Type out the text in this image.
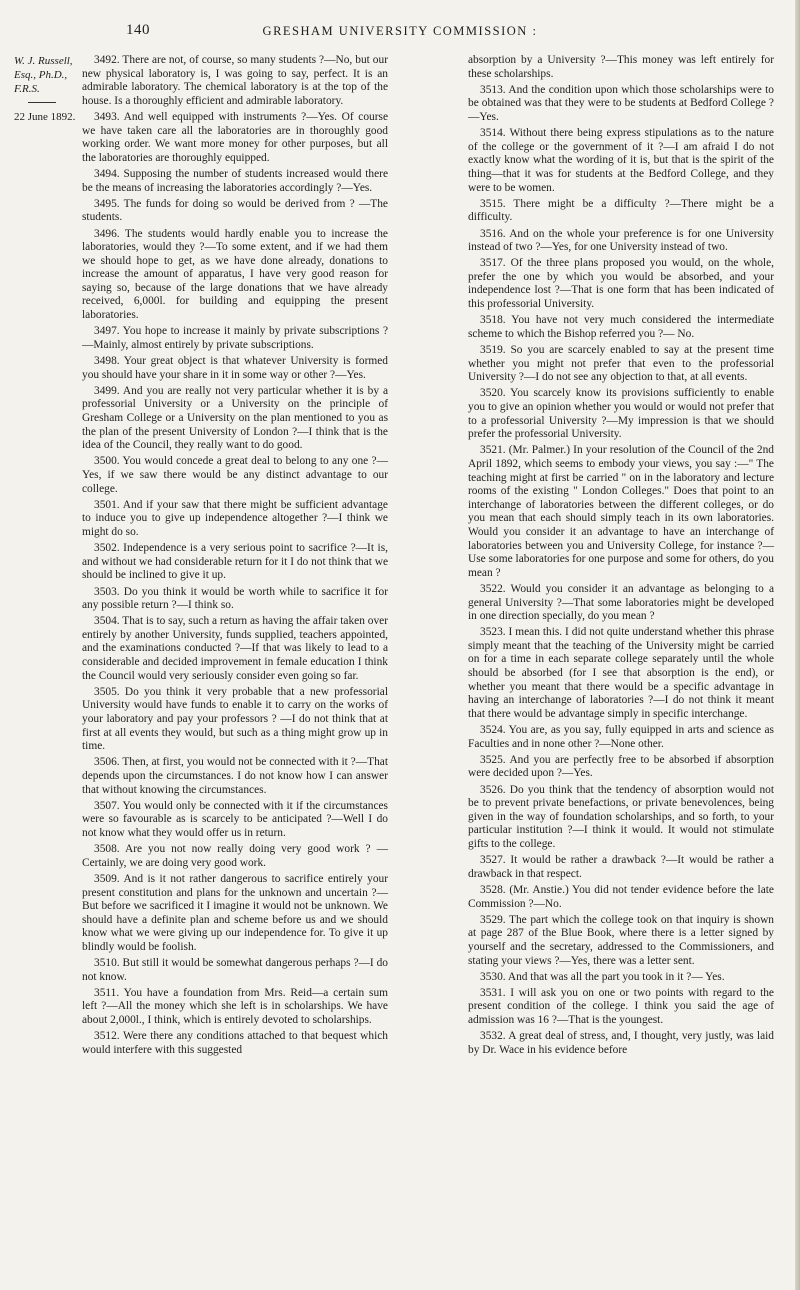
140	GRESHAM UNIVERSITY COMMISSION :
W. J. Russell, Esq., Ph.D., F.R.S.
22 June 1892.

3492. There are not, of course, so many students ?—No, but our new physical laboratory is, I was going to say, perfect. It is an admirable laboratory. The chemical laboratory is at the top of the house. Is a thoroughly efficient and admirable laboratory.

3493. And well equipped with instruments ?—Yes. Of course we have taken care all the laboratories are in thoroughly good working order. We want more money for other purposes, but all the laboratories are thoroughly equipped.

3494. Supposing the number of students increased would there be the means of increasing the laboratories accordingly ?—Yes.

3495. The funds for doing so would be derived from ? —The students.

3496. The students would hardly enable you to increase the laboratories, would they ?—To some extent, and if we had them we should hope to get, as we have done already, donations to increase the amount of apparatus, I have very good reason for saying so, because of the large donations that we have already received, 6,000l. for building and equipping the present laboratories.

3497. You hope to increase it mainly by private subscriptions ?—Mainly, almost entirely by private subscriptions.

3498. Your great object is that whatever University is formed you should have your share in it in some way or other ?—Yes.

3499. And you are really not very particular whether it is by a professorial University or a University on the principle of Gresham College or a University on the plan mentioned to you as the plan of the present University of London ?—I think that is the idea of the Council, they really want to do good.

3500. You would concede a great deal to belong to any one ?—Yes, if we saw there would be any distinct advantage to our college.

3501. And if your saw that there might be sufficient advantage to induce you to give up independence altogether ?—I think we might do so.

3502. Independence is a very serious point to sacrifice ?—It is, and without we had considerable return for it I do not think that we should be inclined to give it up.

3503. Do you think it would be worth while to sacrifice it for any possible return ?—I think so.

3504. That is to say, such a return as having the affair taken over entirely by another University, funds supplied, teachers appointed, and the examinations conducted ?—If that was likely to lead to a considerable and decided improvement in female education I think the Council would very seriously consider even going so far.

3505. Do you think it very probable that a new professorial University would have funds to enable it to carry on the works of your laboratory and pay your professors ? —I do not think that at first at all events they would, but such as a thing might grow up in time.

3506. Then, at first, you would not be connected with it ?—That depends upon the circumstances. I do not know how I can answer that without knowing the circumstances.

3507. You would only be connected with it if the circumstances were so favourable as is scarcely to be anticipated ?—Well I do not know what they would offer us in return.

3508. Are you not now really doing very good work ? —Certainly, we are doing very good work.

3509. And is it not rather dangerous to sacrifice entirely your present constitution and plans for the unknown and uncertain ?—But before we sacrificed it I imagine it would not be unknown. We should have a definite plan and scheme before us and we should know what we were giving up our independence for. To give it up blindly would be foolish.

3510. But still it would be somewhat dangerous perhaps ?—I do not know.

3511. You have a foundation from Mrs. Reid—a certain sum left ?—All the money which she left is in scholarships. We have about 2,000l., I think, which is entirely devoted to scholarships.

3512. Were there any conditions attached to that bequest which would interfere with this suggested

absorption by a University ?—This money was left entirely for these scholarships.

3513. And the condition upon which those scholarships were to be obtained was that they were to be students at Bedford College ?—Yes.

3514. Without there being express stipulations as to the nature of the college or the government of it ?—I am afraid I do not exactly know what the wording of it is, but that is the spirit of the thing—that it was for students at the Bedford College, and they were to be women.

3515. There might be a difficulty ?—There might be a difficulty.

3516. And on the whole your preference is for one University instead of two ?—Yes, for one University instead of two.

3517. Of the three plans proposed you would, on the whole, prefer the one by which you would be absorbed, and your independence lost ?—That is one form that has been indicated of this professorial University.

3518. You have not very much considered the intermediate scheme to which the Bishop referred you ?— No.

3519. So you are scarcely enabled to say at the present time whether you might not prefer that even to the professorial University ?—I do not see any objection to that, at all events.

3520. You scarcely know its provisions sufficiently to enable you to give an opinion whether you would or would not prefer that to a professorial University ?—My impression is that we should prefer the professorial University.

3521. (Mr. Palmer.) In your resolution of the Council of the 2nd April 1892, which seems to embody your views, you say :—" The teaching might at first be carried " on in the laboratory and lecture rooms of the existing " London Colleges." Does that point to an interchange of laboratories between the different colleges, or do you mean that each should simply teach in its own laboratories. Would you consider it an advantage to have an interchange of laboratories between you and University College, for instance ?—Use some laboratories for one purpose and some for others, do you mean ?

3522. Would you consider it an advantage as belonging to a general University ?—That some laboratories might be developed in one direction specially, do you mean ?

3523. I mean this. I did not quite understand whether this phrase simply meant that the teaching of the University might be carried on for a time in each separate college separately until the whole should be absorbed (for I see that absorption is the end), or whether you meant that there would be a specific advantage in having an interchange of laboratories ?—I do not think it meant that there would be advantage simply in specific interchange.

3524. You are, as you say, fully equipped in arts and science as Faculties and in none other ?—None other.

3525. And you are perfectly free to be absorbed if absorption were decided upon ?—Yes.

3526. Do you think that the tendency of absorption would not be to prevent private benefactions, or private benevolences, being given in the way of foundation scholarships, and so forth, to your particular institution ?—I think it would. It would not stimulate gifts to the college.

3527. It would be rather a drawback ?—It would be rather a drawback in that respect.

3528. (Mr. Anstie.) You did not tender evidence before the late Commission ?—No.

3529. The part which the college took on that inquiry is shown at page 287 of the Blue Book, where there is a letter signed by yourself and the secretary, addressed to the Commissioners, and stating your views ?—Yes, there was a letter sent.

3530. And that was all the part you took in it ?— Yes.

3531. I will ask you on one or two points with regard to the present condition of the college. I think you said the age of admission was 16 ?—That is the youngest.

3532. A great deal of stress, and, I thought, very justly, was laid by Dr. Wace in his evidence before
